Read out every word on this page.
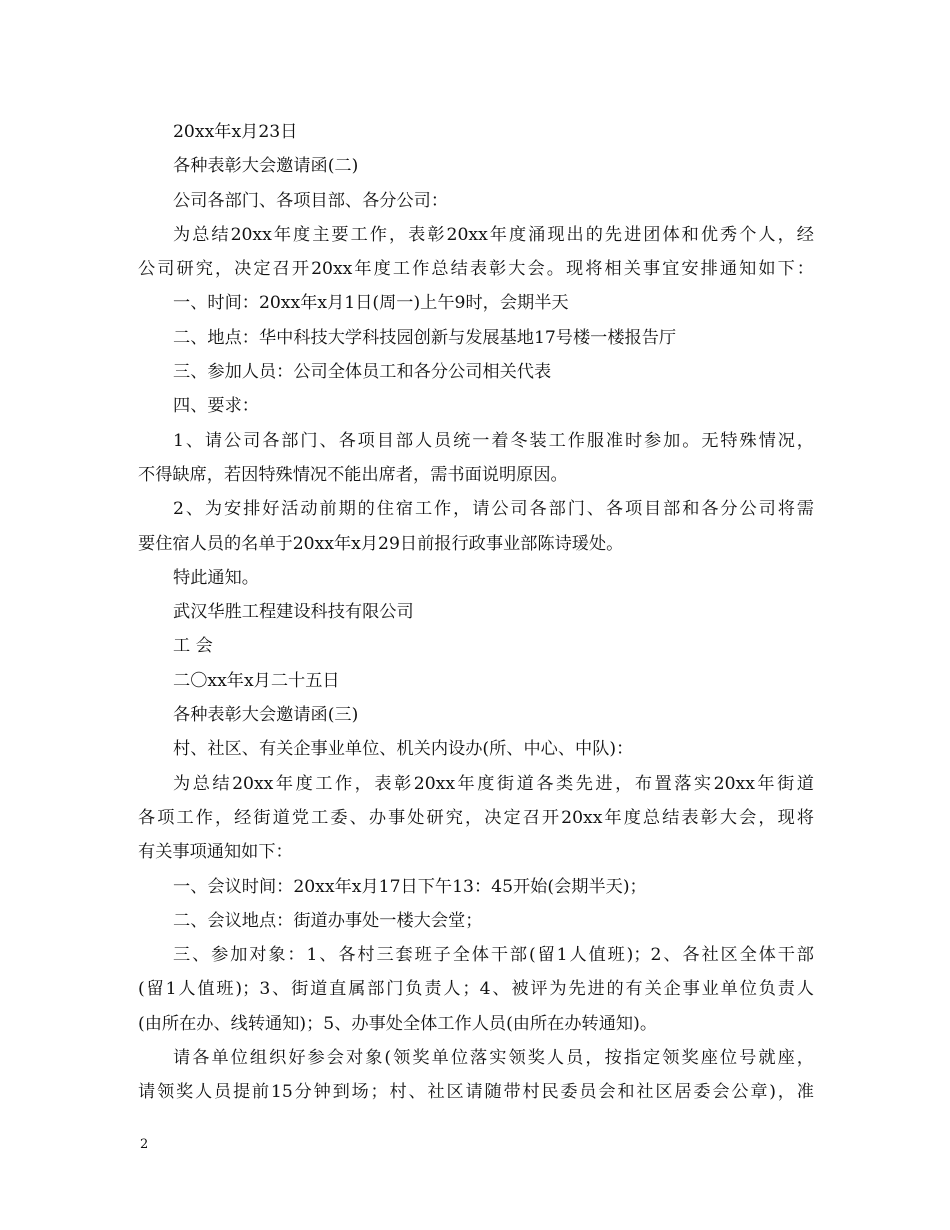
20xx年x月23日
各种表彰大会邀请函(二)
公司各部门、各项目部、各分公司：
为总结20xx年度主要工作，表彰20xx年度涌现出的先进团体和优秀个人，经
公司研究，决定召开20xx年度工作总结表彰大会。现将相关事宜安排通知如下：
一、时间：20xx年x月1日(周一)上午9时，会期半天
二、地点：华中科技大学科技园创新与发展基地17号楼一楼报告厅
三、参加人员：公司全体员工和各分公司相关代表
四、要求：
1、请公司各部门、各项目部人员统一着冬装工作服准时参加。无特殊情况，
不得缺席，若因特殊情况不能出席者，需书面说明原因。
2、为安排好活动前期的住宿工作，请公司各部门、各项目部和各分公司将需
要住宿人员的名单于20xx年x月29日前报行政事业部陈诗瑗处。
特此通知。
武汉华胜工程建设科技有限公司
工 会
二〇xx年x月二十五日
各种表彰大会邀请函(三)
村、社区、有关企事业单位、机关内设办(所、中心、中队)：
为总结20xx年度工作，表彰20xx年度街道各类先进，布置落实20xx年街道
各项工作，经街道党工委、办事处研究，决定召开20xx年度总结表彰大会，现将
有关事项通知如下：
一、会议时间：20xx年x月17日下午13：45开始(会期半天)；
二、会议地点：街道办事处一楼大会堂；
三、参加对象：1、各村三套班子全体干部(留1人值班)；2、各社区全体干部
(留1人值班)；3、街道直属部门负责人；4、被评为先进的有关企事业单位负责人
(由所在办、线转通知)；5、办事处全体工作人员(由所在办转通知)。
请各单位组织好参会对象(领奖单位落实领奖人员，按指定领奖座位号就座，
请领奖人员提前15分钟到场；村、社区请随带村民委员会和社区居委会公章)，准
2
